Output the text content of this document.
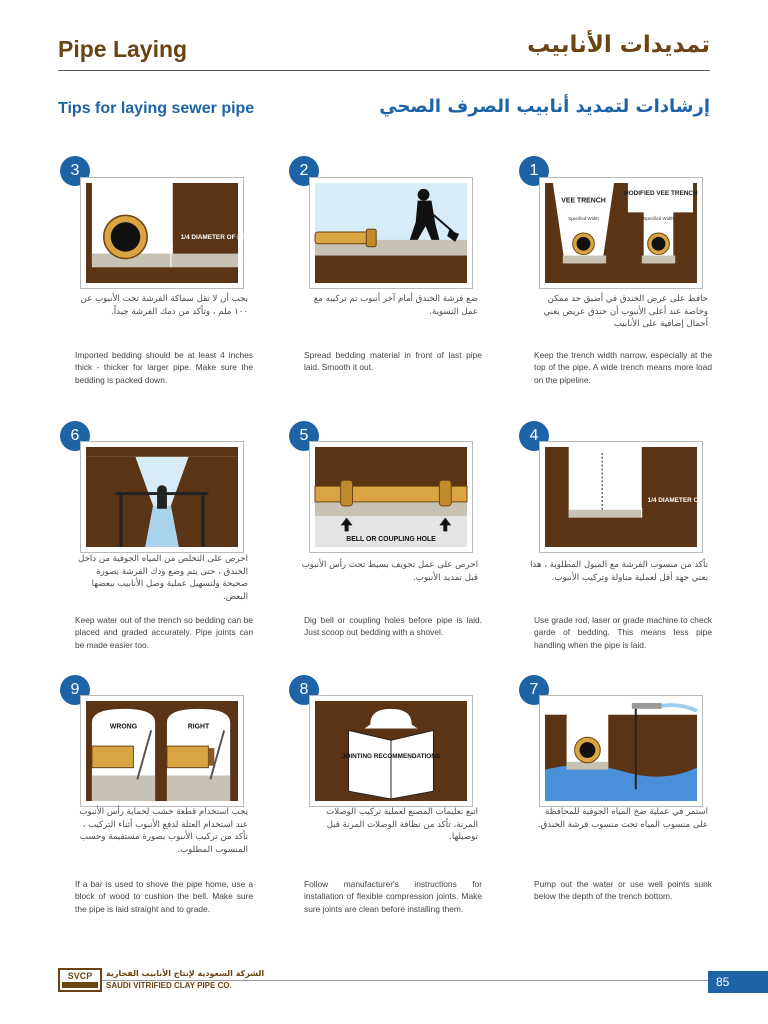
Pipe Laying	تمديدات الأنابيب
Tips for laying sewer pipe	إرشادات لتمديد أنابيب الصرف الصحي
3
1/4 DIAMETER OF PIPE 4" MINIMUM
يجب أن لا تقل سماكة الفرشة تحت الأنبوب عن ١٠٠ ملم ، وتأكد من دمك الفرشة جيداً.
Imported bedding should be at least 4 inches thick - thicker for larger pipe. Make sure the bedding is packed down.
2
ضع فرشة الخندق أمام آخر أنبوب تم تركيبه مع عمل التسوية.
Spread bedding material in front of last pipe laid. Smooth it out.
1
VEE TRENCH
MODIFIED VEE TRENCH
Specified Width	Specified Width
حافظ على عرض الخندق في أضيق حد ممكن وخاصة عند أعلى الأنبوب أن خندق عريض يعني أحمال إضافية على الأنابيب
Keep the trench width narrow, especially at the top of the pipe. A wide trench means more load on the pipeline.
6
احرص على التخلص من المياه الجوفية من داخل الخندق ، حتى يتم وضع ودك الفرشة بصورة صحيحة ولتسهيل عملية وصل الأنابيب ببعضها البعض.
Keep water out of the trench so bedding can be placed and graded accurately. Pipe joints can be made easier too.
5
BELL OR COUPLING HOLE
احرص على عمل تجويف بسيط تحت رأس الأنبوب قبل تمديد الأنبوب.
Dig bell or coupling holes before pipe is laid. Just scoop out bedding with a shovel.
4
1/4 DIAMETER OF PIPE 4" MINIMUM
تأكد من منسوب الفرشة مع الميول المطلوبة ، هذا يعني جهد أقل لعملية مناولة وتركيب الأنبوب.
Use grade rod, laser or grade machine to check garde of bedding. This means less pipe handling when the pipe is laid.
9
WRONG	RIGHT
يجب استخدام قطعة خشب لحماية رأس الأنبوب عند استخدام العتلة لدفع الأنبوب أثناء التركيب ، تأكد من تركيب الأنبوب بصورة مستقيمة وحسب المنسوب المطلوب.
If a bar is used to shove the pipe home, use a block of wood to cushion the bell. Make sure the pipe is laid straight and to grade.
8
JOINTING RECOMMENDATIONS
اتبع تعليمات المصنع لعملية تركيب الوصلات المرنة، تأكد من نظافة الوصلات المرنة قبل توصيلها.
Follow manufacturer's instructions for installation of flexible compression joints. Make sure joints are clean before installing them.
7
استمر في عملية ضخ المياه الجوفية للمحافظة على منسوب المياه تحت منسوب فرشة الخندق.
Pump out the water or use well points sunk below the depth of the trench bottom.
SVCP	الشركة السعودية لإنتاج الأنابيب الفخارية
SAUDI VITRIFIED CLAY PIPE CO.	85
